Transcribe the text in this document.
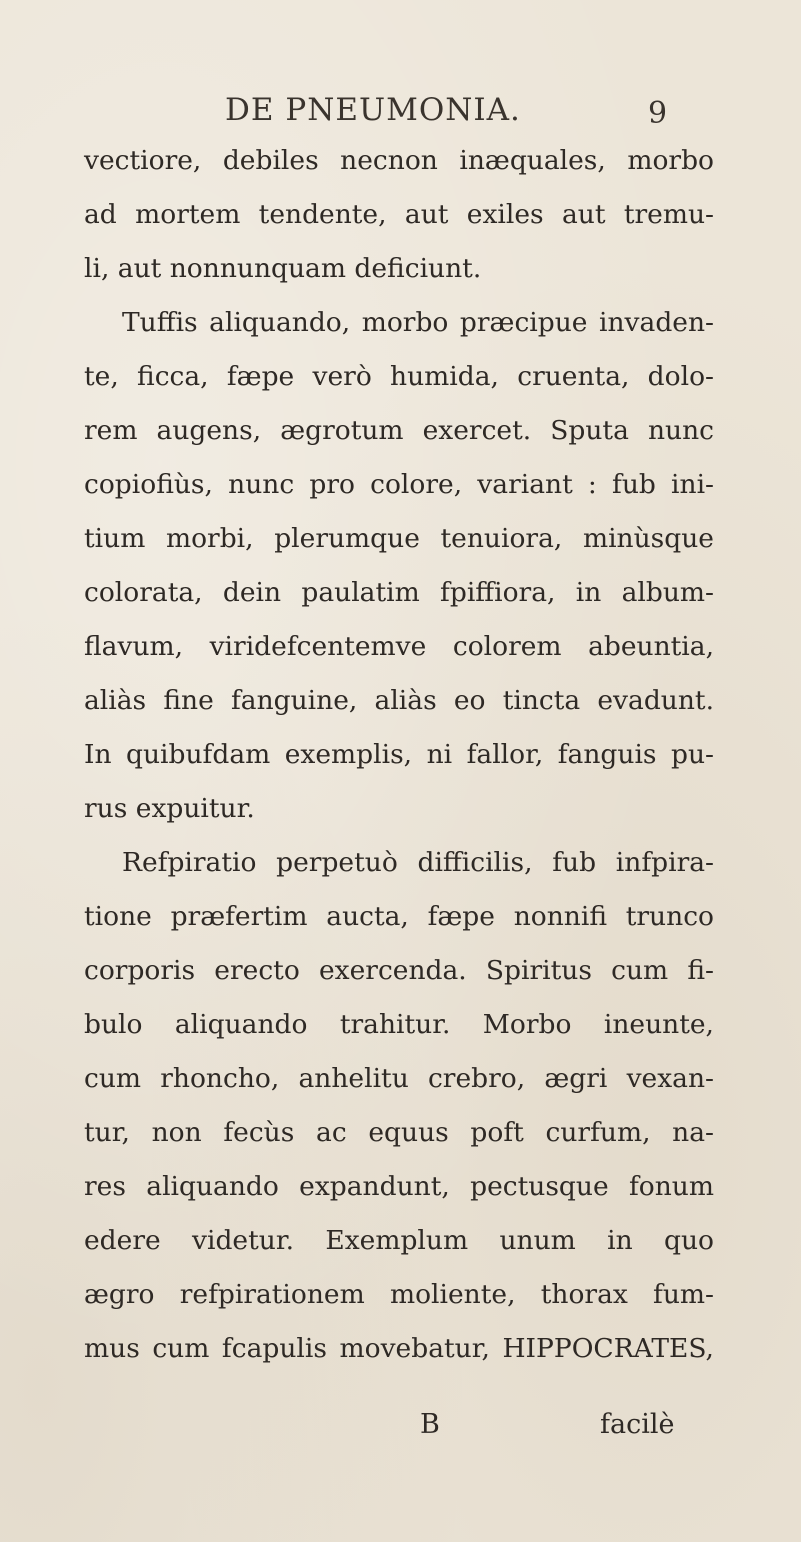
DE PNEUMONIA.	9
vectiore, debiles necnon inæquales, morbo
ad mortem tendente, aut exiles aut tremu-
li, aut nonnunquam deficiunt.
Tuffis aliquando, morbo præcipue invaden-
te, ficca, fæpe verò humida, cruenta, dolo-
rem augens, ægrotum exercet. Sputa nunc
copiofiùs, nunc pro colore, variant : fub ini-
tium morbi, plerumque tenuiora, minùsque
colorata, dein paulatim fpiffiora, in album-
flavum, viridefcentemve colorem abeuntia,
aliàs fine fanguine, aliàs eo tincta evadunt.
In quibufdam exemplis, ni fallor, fanguis pu-
rus expuitur.
Refpiratio perpetuò difficilis, fub infpira-
tione præfertim aucta, fæpe nonnifi trunco
corporis erecto exercenda. Spiritus cum fi-
bulo aliquando trahitur. Morbo ineunte,
cum rhoncho, anhelitu crebro, ægri vexan-
tur, non fecùs ac equus poft curfum, na-
res aliquando expandunt, pectusque fonum
edere videtur. Exemplum unum in quo
ægro refpirationem moliente, thorax fum-
mus cum fcapulis movebatur, HIPPOCRATES,
B	facilè
